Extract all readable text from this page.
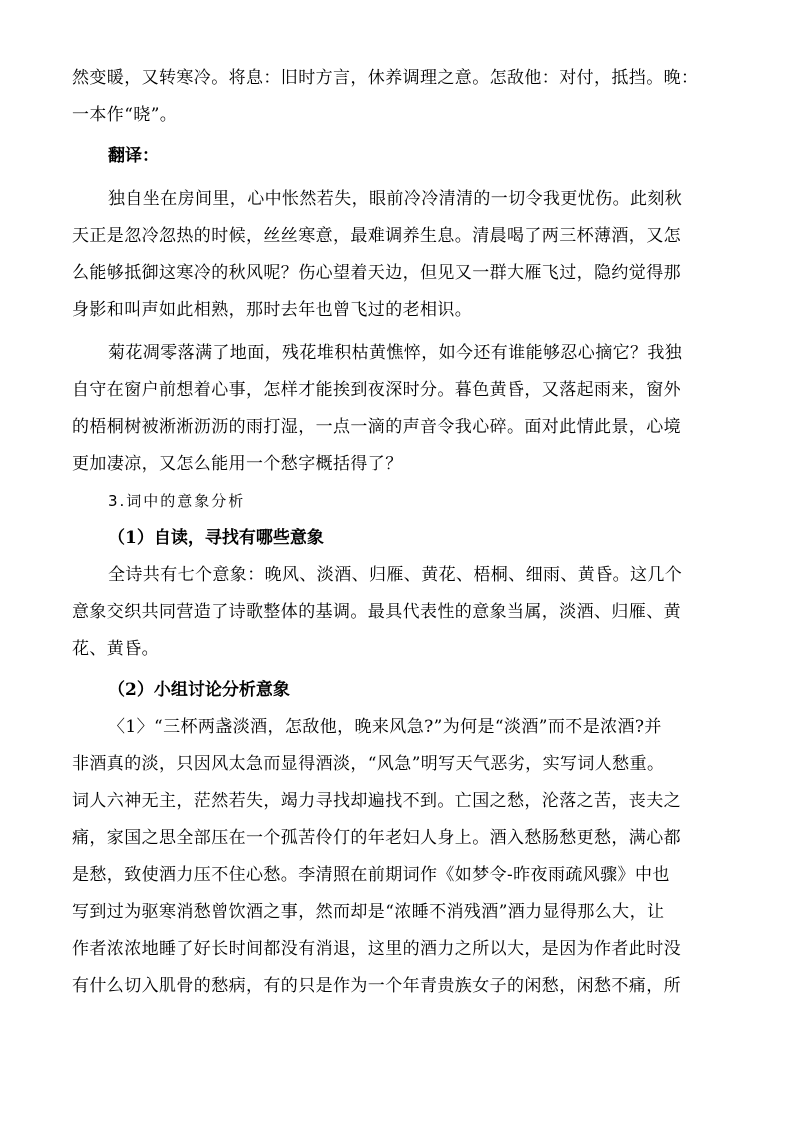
然变暖，又转寒冷。将息：旧时方言，休养调理之意。怎敌他：对付，抵挡。晚：
一本作“晓”。
翻译：
独自坐在房间里，心中怅然若失，眼前冷冷清清的一切令我更忧伤。此刻秋
天正是忽冷忽热的时候，丝丝寒意，最难调养生息。清晨喝了两三杯薄酒，又怎
么能够抵御这寒冷的秋风呢？伤心望着天边，但见又一群大雁飞过，隐约觉得那
身影和叫声如此相熟，那时去年也曾飞过的老相识。
菊花凋零落满了地面，残花堆积枯黄憔悴，如今还有谁能够忍心摘它？我独
自守在窗户前想着心事，怎样才能挨到夜深时分。暮色黄昏，又落起雨来，窗外
的梧桐树被淅淅沥沥的雨打湿，一点一滴的声音令我心碎。面对此情此景，心境
更加凄凉，又怎么能用一个愁字概括得了？
3.词中的意象分析
（1）自读，寻找有哪些意象
全诗共有七个意象：晚风、淡酒、归雁、黄花、梧桐、细雨、黄昏。这几个
意象交织共同营造了诗歌整体的基调。最具代表性的意象当属，淡酒、归雁、黄
花、黄昏。
（2）小组讨论分析意象
〈1〉“三杯两盏淡酒，怎敌他，晚来风急?”为何是“淡酒”而不是浓酒?并
非酒真的淡，只因风太急而显得酒淡，“风急”明写天气恶劣，实写词人愁重。
词人六神无主，茫然若失，竭力寻找却遍找不到。亡国之愁，沦落之苦，丧夫之
痛，家国之思全部压在一个孤苦伶仃的年老妇人身上。酒入愁肠愁更愁，满心都
是愁，致使酒力压不住心愁。李清照在前期词作《如梦令-昨夜雨疏风骤》中也
写到过为驱寒消愁曾饮酒之事，然而却是“浓睡不消残酒”酒力显得那么大，让
作者浓浓地睡了好长时间都没有消退，这里的酒力之所以大，是因为作者此时没
有什么切入肌骨的愁病，有的只是作为一个年青贵族女子的闲愁，闲愁不痛，所
